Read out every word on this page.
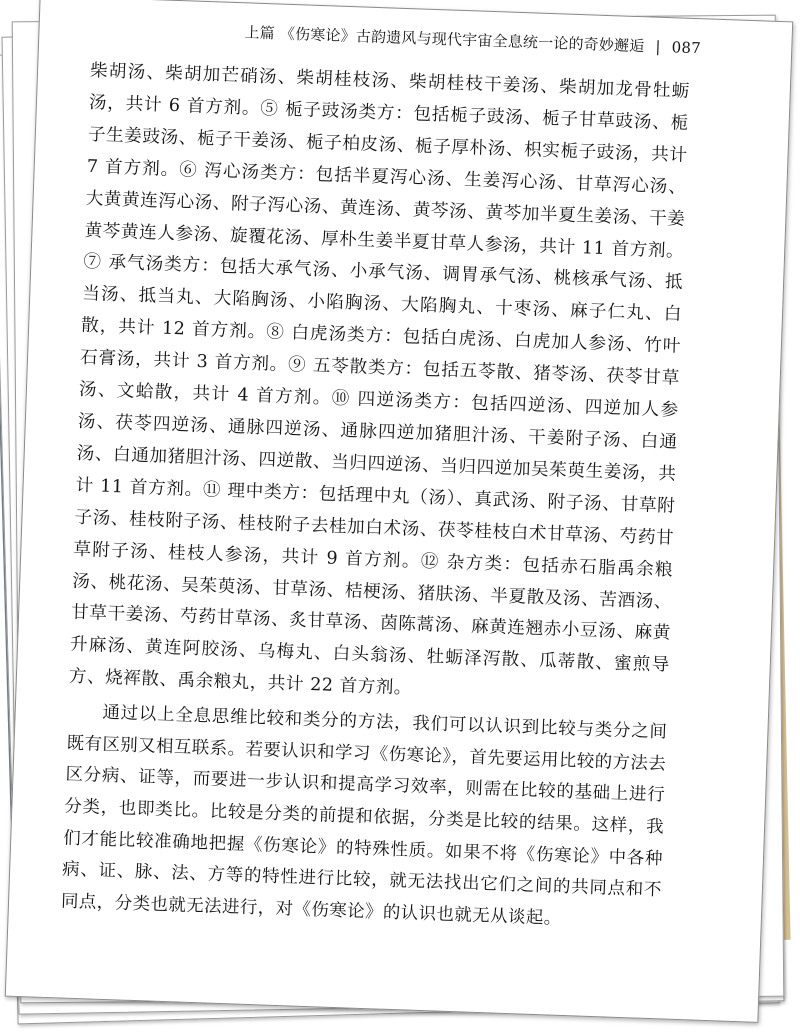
上篇 《伤寒论》古韵遗风与现代宇宙全息统一论的奇妙邂逅 | 087

柴胡汤、柴胡加芒硝汤、柴胡桂枝汤、柴胡桂枝干姜汤、柴胡加龙骨牡蛎汤，共计 6 首方剂。⑤ 栀子豉汤类方：包括栀子豉汤、栀子甘草豉汤、栀子生姜豉汤、栀子干姜汤、栀子柏皮汤、栀子厚朴汤、枳实栀子豉汤，共计 7 首方剂。⑥ 泻心汤类方：包括半夏泻心汤、生姜泻心汤、甘草泻心汤、大黄黄连泻心汤、附子泻心汤、黄连汤、黄芩汤、黄芩加半夏生姜汤、干姜黄芩黄连人参汤、旋覆花汤、厚朴生姜半夏甘草人参汤，共计 11 首方剂。⑦ 承气汤类方：包括大承气汤、小承气汤、调胃承气汤、桃核承气汤、抵当汤、抵当丸、大陷胸汤、小陷胸汤、大陷胸丸、十枣汤、麻子仁丸、白散，共计 12 首方剂。⑧ 白虎汤类方：包括白虎汤、白虎加人参汤、竹叶石膏汤，共计 3 首方剂。⑨ 五苓散类方：包括五苓散、猪苓汤、茯苓甘草汤、文蛤散，共计 4 首方剂。⑩ 四逆汤类方：包括四逆汤、四逆加人参汤、茯苓四逆汤、通脉四逆汤、通脉四逆加猪胆汁汤、干姜附子汤、白通汤、白通加猪胆汁汤、四逆散、当归四逆汤、当归四逆加吴茱萸生姜汤，共计 11 首方剂。⑪ 理中类方：包括理中丸（汤）、真武汤、附子汤、甘草附子汤、桂枝附子汤、桂枝附子去桂加白术汤、茯苓桂枝白术甘草汤、芍药甘草附子汤、桂枝人参汤，共计 9 首方剂。⑫ 杂方类：包括赤石脂禹余粮汤、桃花汤、吴茱萸汤、甘草汤、桔梗汤、猪肤汤、半夏散及汤、苦酒汤、甘草干姜汤、芍药甘草汤、炙甘草汤、茵陈蒿汤、麻黄连翘赤小豆汤、麻黄升麻汤、黄连阿胶汤、乌梅丸、白头翁汤、牡蛎泽泻散、瓜蒂散、蜜煎导方、烧裈散、禹余粮丸，共计 22 首方剂。

通过以上全息思维比较和类分的方法，我们可以认识到比较与类分之间既有区别又相互联系。若要认识和学习《伤寒论》，首先要运用比较的方法去区分病、证等，而要进一步认识和提高学习效率，则需在比较的基础上进行分类，也即类比。比较是分类的前提和依据，分类是比较的结果。这样，我们才能比较准确地把握《伤寒论》的特殊性质。如果不将《伤寒论》中各种病、证、脉、法、方等的特性进行比较，就无法找出它们之间的共同点和不同点，分类也就无法进行，对《伤寒论》的认识也就无从谈起。
